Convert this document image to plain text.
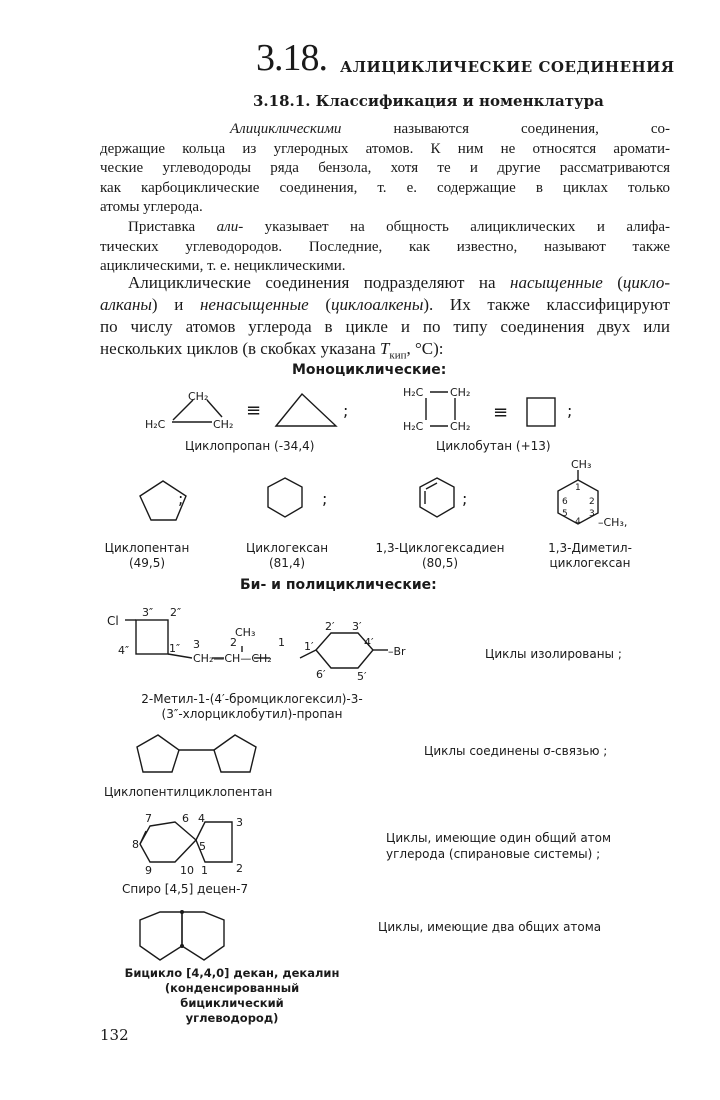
3.18. АЛИЦИКЛИЧЕСКИЕ СОЕДИНЕНИЯ
3.18.1. Классификация и номенклатура
Алициклическими	называются соединения, со-
держащие кольца из углеродных атомов. К ним не относятся аромати-
ческие углеводороды ряда бензола, хотя те и другие рассматриваются
как карбоциклические соединения, т. е. содержащие в циклах только
атомы углерода.
Приставка али- указывает на общность алициклических и алифа-
тических углеводородов. Последние, как известно, называют также
ациклическими, т. е. нециклическими.
Алициклические соединения подразделяют на насыщенные (цикло-
алканы) и ненасыщенные (циклоалкены). Их также классифицируют
по числу атомов углерода в цикле и по типу соединения двух или
нескольких циклов (в скобках указана $T_{кип}$, °C):
Моноциклические:
CH₂
H₂C	CH₂
≡	;
Циклопропан (-34,4)
H₂C CH₂
H₂C CH₂
≡	;
Циклобутан (+13)
;	;	;
CH₃
–CH₃,
1
2
3
4
5
6
Циклопентан
(49,5)
Циклогексан
(81,4)
1,3-Циклогексадиен
(80,5)
1,3-Диметил-
циклогексан
Би- и полициклические:
Cl
3″ 2″
4″	1″ 3	2	1
CH₃
CH₂—CH—CH₂
1′
2′ 3′
4′
5′
6′
–Br
7	6 4	3
8	5
9	10 1	2
2-Метил-1-(4′-бромциклогексил)-3-
(3″-хлорциклобутил)-пропан
Циклы изолированы ;
Циклопентилциклопентан
Циклы соединены σ-связью ;
Спиро [4,5] децен-7
Циклы, имеющие один общий атом
углерода (спирановые системы) ;
Бицикло [4,4,0] декан, декалин
(конденсированный бициклический
углеводород)
Циклы, имеющие два общих атома
132
